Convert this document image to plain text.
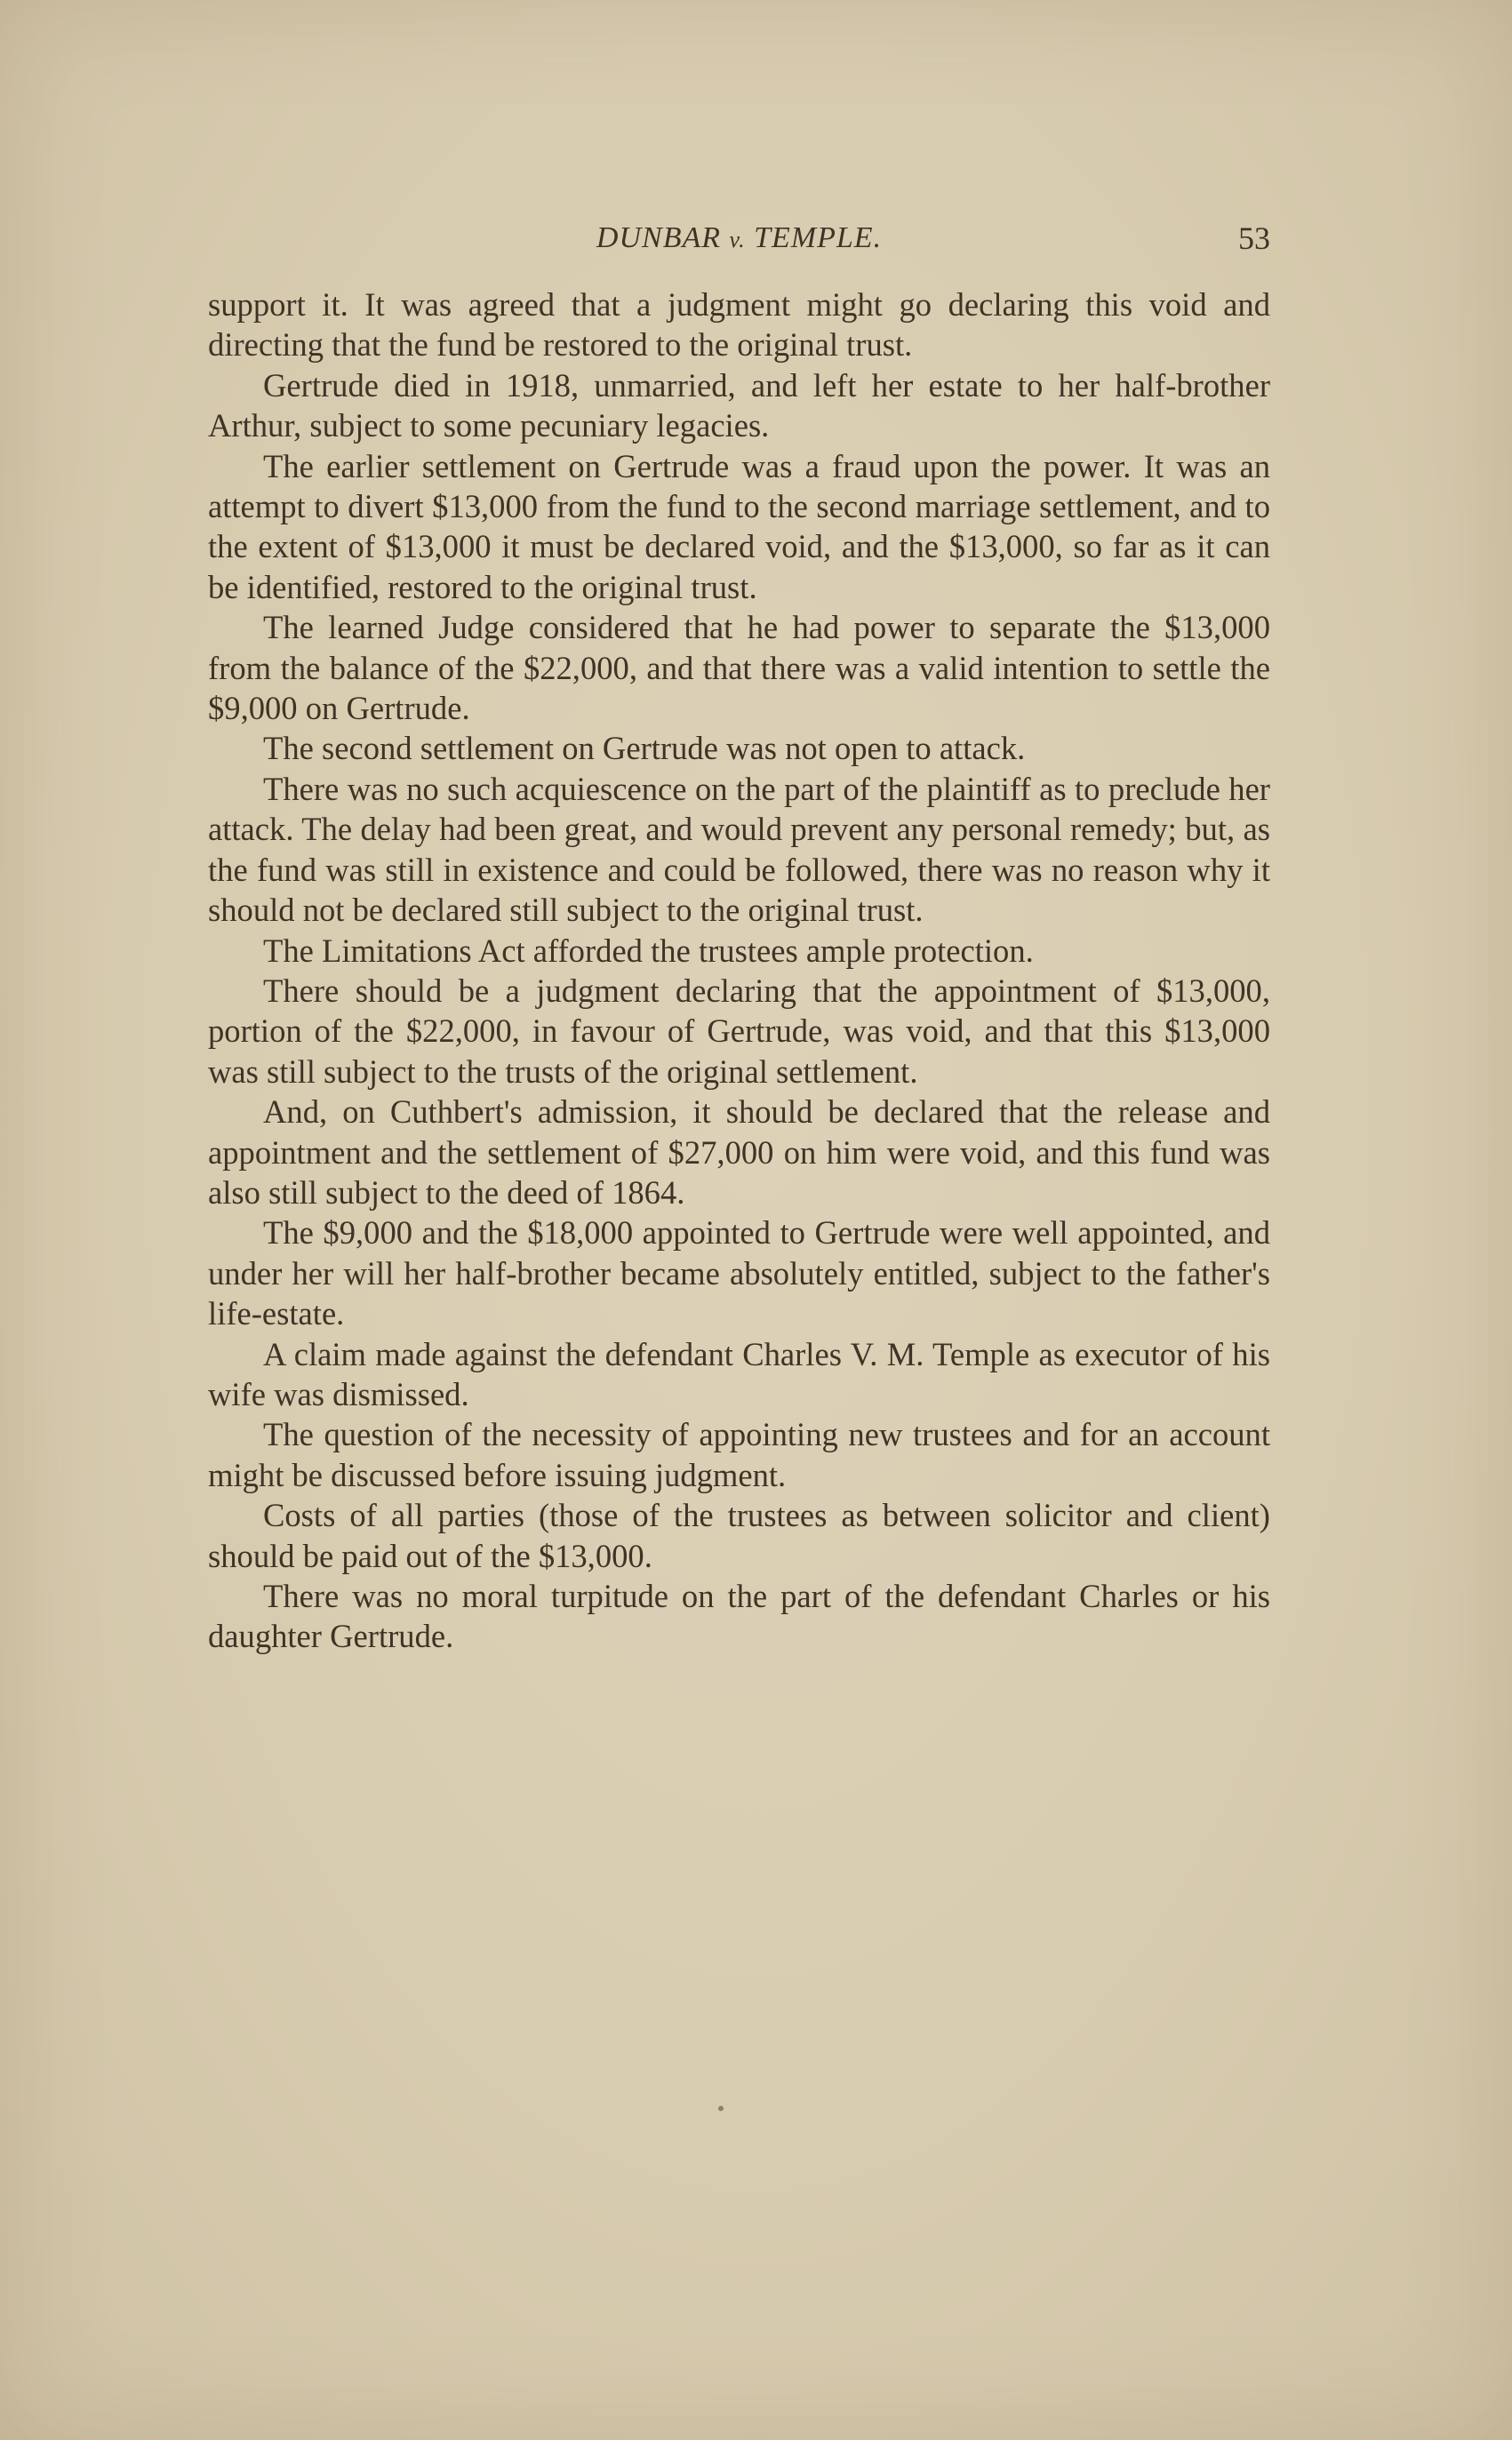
DUNBAR v. TEMPLE.	53

support it. It was agreed that a judgment might go declaring this void and directing that the fund be restored to the original trust.

Gertrude died in 1918, unmarried, and left her estate to her half-brother Arthur, subject to some pecuniary legacies.

The earlier settlement on Gertrude was a fraud upon the power. It was an attempt to divert $13,000 from the fund to the second marriage settlement, and to the extent of $13,000 it must be declared void, and the $13,000, so far as it can be identified, restored to the original trust.

The learned Judge considered that he had power to separate the $13,000 from the balance of the $22,000, and that there was a valid intention to settle the $9,000 on Gertrude.

The second settlement on Gertrude was not open to attack.

There was no such acquiescence on the part of the plaintiff as to preclude her attack. The delay had been great, and would prevent any personal remedy; but, as the fund was still in existence and could be followed, there was no reason why it should not be declared still subject to the original trust.

The Limitations Act afforded the trustees ample protection.

There should be a judgment declaring that the appointment of $13,000, portion of the $22,000, in favour of Gertrude, was void, and that this $13,000 was still subject to the trusts of the original settlement.

And, on Cuthbert's admission, it should be declared that the release and appointment and the settlement of $27,000 on him were void, and this fund was also still subject to the deed of 1864.

The $9,000 and the $18,000 appointed to Gertrude were well appointed, and under her will her half-brother became absolutely entitled, subject to the father's life-estate.

A claim made against the defendant Charles V. M. Temple as executor of his wife was dismissed.

The question of the necessity of appointing new trustees and for an account might be discussed before issuing judgment.

Costs of all parties (those of the trustees as between solicitor and client) should be paid out of the $13,000.

There was no moral turpitude on the part of the defendant Charles or his daughter Gertrude.
